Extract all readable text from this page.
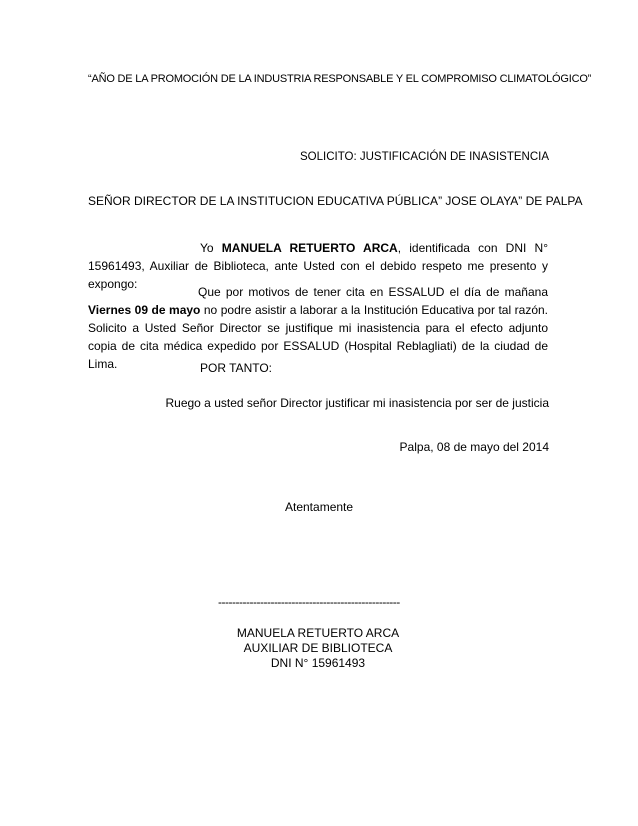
“AÑO DE LA PROMOCIÓN DE LA INDUSTRIA RESPONSABLE Y EL COMPROMISO CLIMATOLÓGICO”
SOLICITO: JUSTIFICACIÓN DE INASISTENCIA
SEÑOR DIRECTOR DE LA INSTITUCION EDUCATIVA PÚBLICA” JOSE OLAYA” DE PALPA
Yo MANUELA RETUERTO ARCA, identificada con DNI N° 15961493, Auxiliar de Biblioteca, ante Usted con el debido respeto me presento y expongo:
Que por motivos de tener cita en ESSALUD el día de mañana Viernes 09 de mayo no podre asistir a laborar a la Institución Educativa por tal razón. Solicito a Usted Señor Director se justifique mi inasistencia para el efecto adjunto copia de cita médica expedido por ESSALUD (Hospital Reblagliati) de la ciudad de Lima.	POR TANTO:
Ruego a usted señor Director justificar mi inasistencia por ser de justicia
Palpa, 08 de mayo del 2014
Atentamente
----------------------------------------------------
MANUELA RETUERTO ARCA
AUXILIAR DE BIBLIOTECA
DNI N° 15961493
